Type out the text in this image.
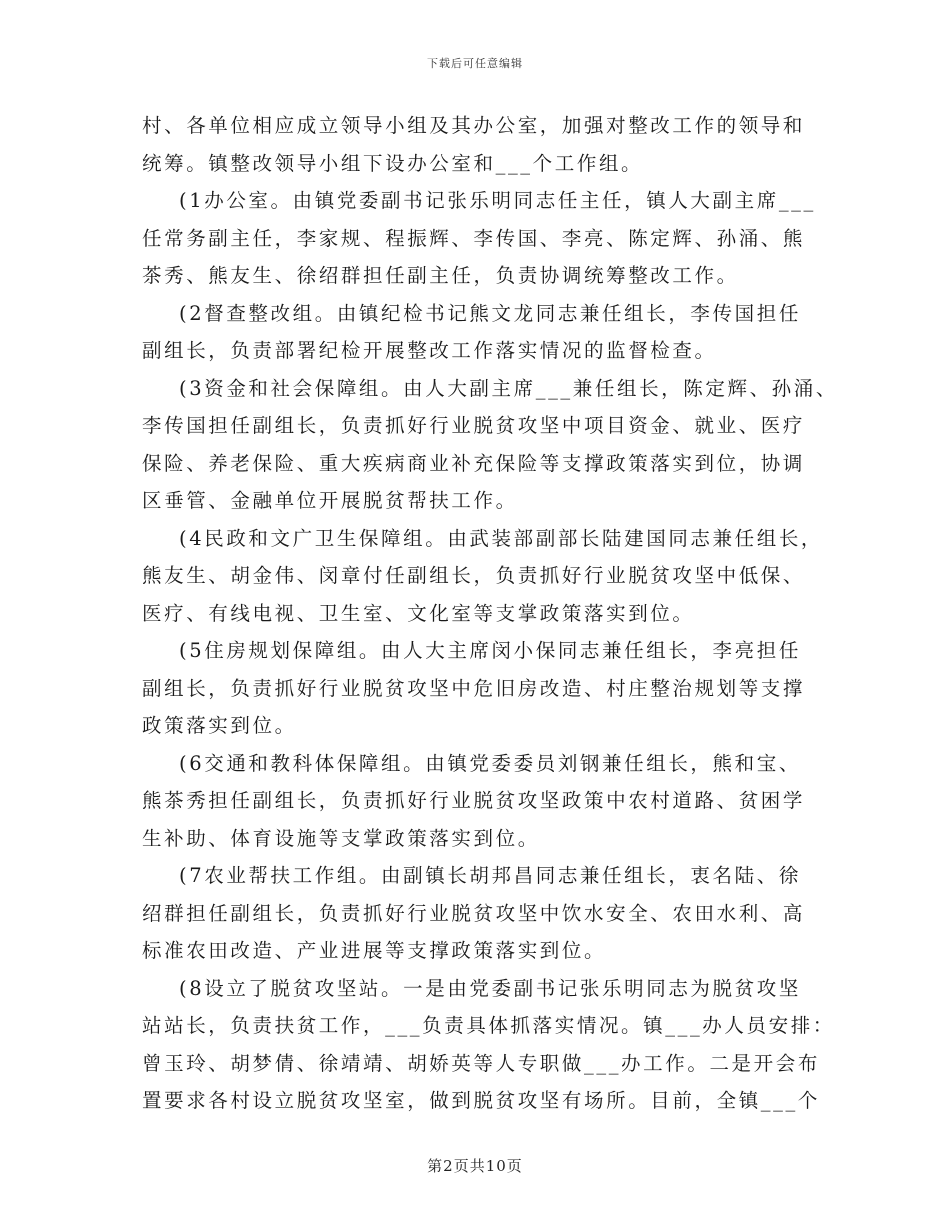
下载后可任意编辑
村、各单位相应成立领导小组及其办公室，加强对整改工作的领导和
统筹。镇整改领导小组下设办公室和___个工作组。
(1办公室。由镇党委副书记张乐明同志任主任，镇人大副主席___
任常务副主任，李家规、程振辉、李传国、李亮、陈定辉、孙涌、熊
茶秀、熊友生、徐绍群担任副主任，负责协调统筹整改工作。
(2督查整改组。由镇纪检书记熊文龙同志兼任组长，李传国担任
副组长，负责部署纪检开展整改工作落实情况的监督检查。
(3资金和社会保障组。由人大副主席___兼任组长，陈定辉、孙涌、
李传国担任副组长，负责抓好行业脱贫攻坚中项目资金、就业、医疗
保险、养老保险、重大疾病商业补充保险等支撑政策落实到位，协调
区垂管、金融单位开展脱贫帮扶工作。
(4民政和文广卫生保障组。由武装部副部长陆建国同志兼任组长，
熊友生、胡金伟、闵章付任副组长，负责抓好行业脱贫攻坚中低保、
医疗、有线电视、卫生室、文化室等支掌政策落实到位。
(5住房规划保障组。由人大主席闵小保同志兼任组长，李亮担任
副组长，负责抓好行业脱贫攻坚中危旧房改造、村庄整治规划等支撑
政策落实到位。
(6交通和教科体保障组。由镇党委委员刘钢兼任组长，熊和宝、
熊茶秀担任副组长，负责抓好行业脱贫攻坚政策中农村道路、贫困学
生补助、体育设施等支掌政策落实到位。
(7农业帮扶工作组。由副镇长胡邦昌同志兼任组长，衷名陆、徐
绍群担任副组长，负责抓好行业脱贫攻坚中饮水安全、农田水利、高
标准农田改造、产业进展等支撑政策落实到位。
(8设立了脱贫攻坚站。一是由党委副书记张乐明同志为脱贫攻坚
站站长，负责扶贫工作，___负责具体抓落实情况。镇___办人员安排：
曾玉玲、胡梦倩、徐靖靖、胡娇英等人专职做___办工作。二是开会布
置要求各村设立脱贫攻坚室，做到脱贫攻坚有场所。目前，全镇___个
第2页共10页
